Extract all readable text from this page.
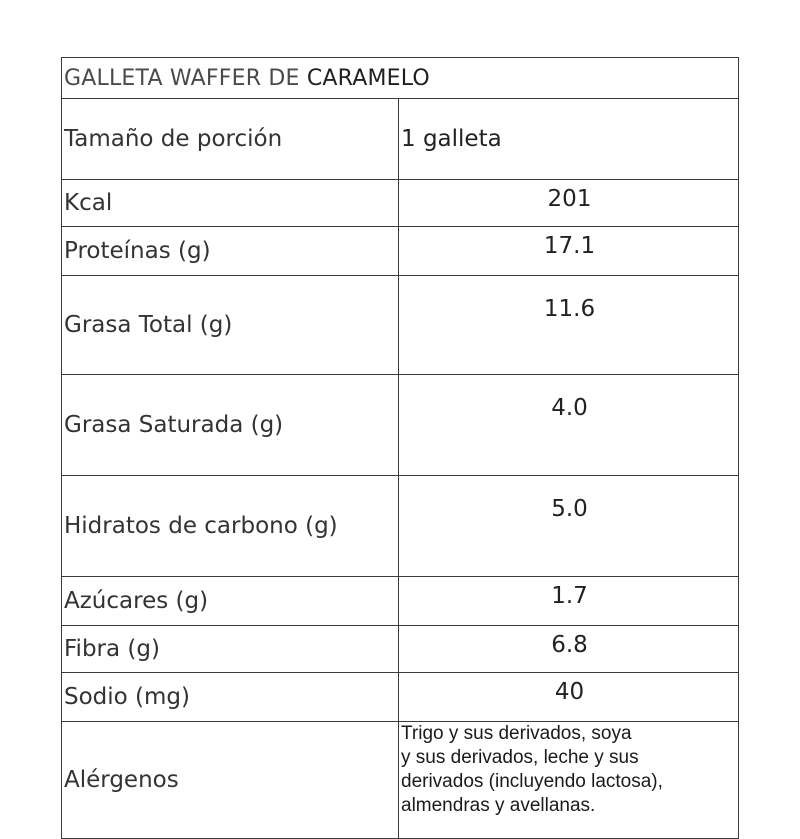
GALLETA WAFFER DE CARAMELO	
Tamaño de porción	1 galleta
Kcal	201
Proteínas (g)	17.1
Grasa Total (g)	11.6
Grasa Saturada (g)	4.0
Hidratos de carbono (g)	5.0
Azúcares (g)	1.7
Fibra (g)	6.8
Sodio (mg)	40
Alérgenos	Trigo y sus derivados, soya
y sus derivados, leche y sus
derivados (incluyendo lactosa),
almendras y avellanas.
